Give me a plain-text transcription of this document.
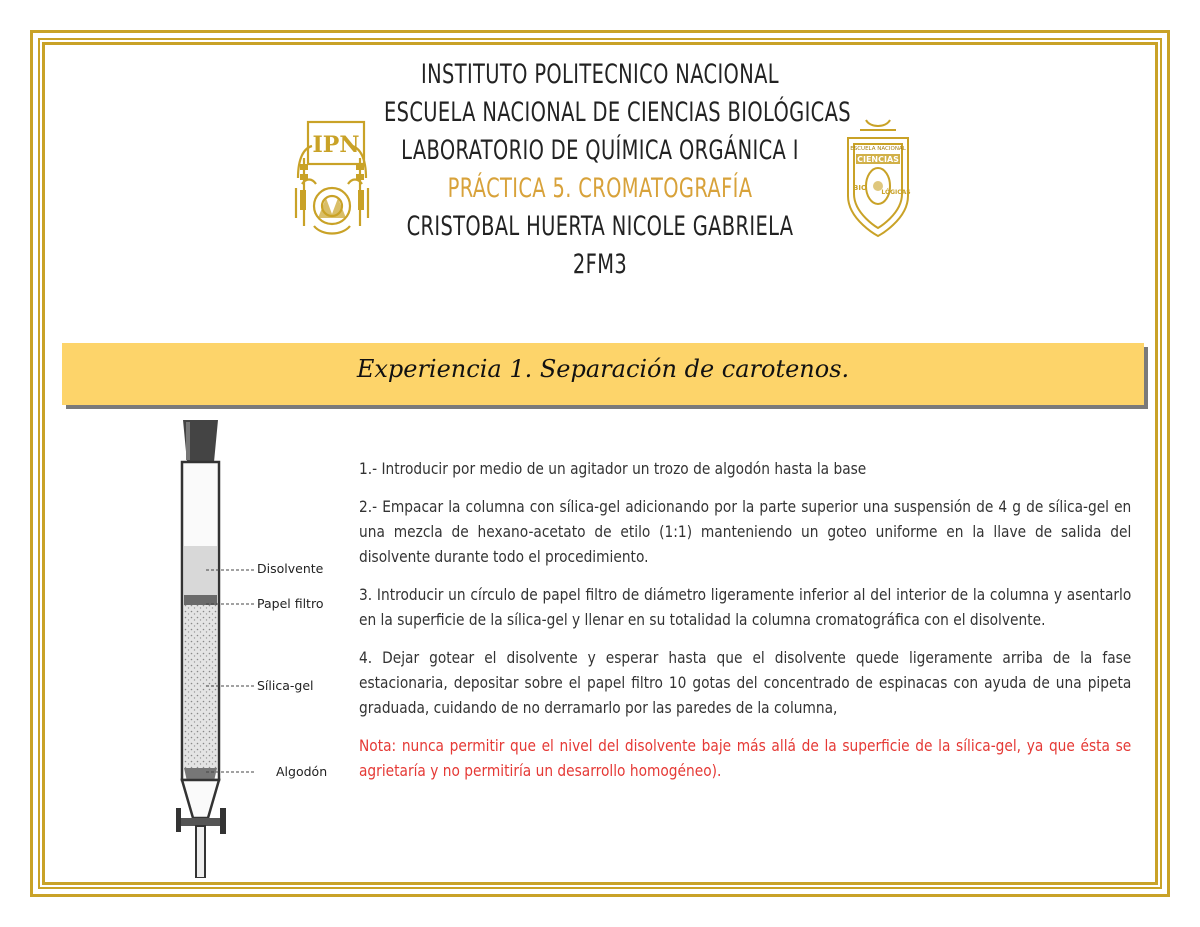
INSTITUTO POLITECNICO NACIONAL
ESCUELA NACIONAL DE CIENCIAS BIOLÓGICAS
LABORATORIO DE QUÍMICA ORGÁNICA I
PRÁCTICA 5. CROMATOGRAFÍA
CRISTOBAL HUERTA NICOLE GABRIELA
2FM3
IPN	ESCUELA NACIONAL
CIENCIAS
BIO
LÓGICAS
Experiencia 1. Separación de carotenos.
Disolvente
Papel filtro
Sílica-gel
Algodón

1.- Introducir por medio de un agitador un trozo de algodón hasta la base

2.- Empacar la columna con sílica-gel adicionando por la parte superior una suspensión de 4 g de sílica-gel en una mezcla de hexano-acetato de etilo (1:1) manteniendo un goteo uniforme en la llave de salida del disolvente durante todo el procedimiento.

3. Introducir un círculo de papel filtro de diámetro ligeramente inferior al del interior de la columna y asentarlo en la superficie de la sílica-gel y llenar en su totalidad la columna cromatográfica con el disolvente.

4. Dejar gotear el disolvente y esperar hasta que el disolvente quede ligeramente arriba de la fase estacionaria, depositar sobre el papel filtro 10 gotas del concentrado de espinacas con ayuda de una pipeta graduada, cuidando de no derramarlo por las paredes de la columna,

Nota: nunca permitir que el nivel del disolvente baje más allá de la superficie de la sílica-gel, ya que ésta se agrietaría y no permitiría un desarrollo homogéneo).
